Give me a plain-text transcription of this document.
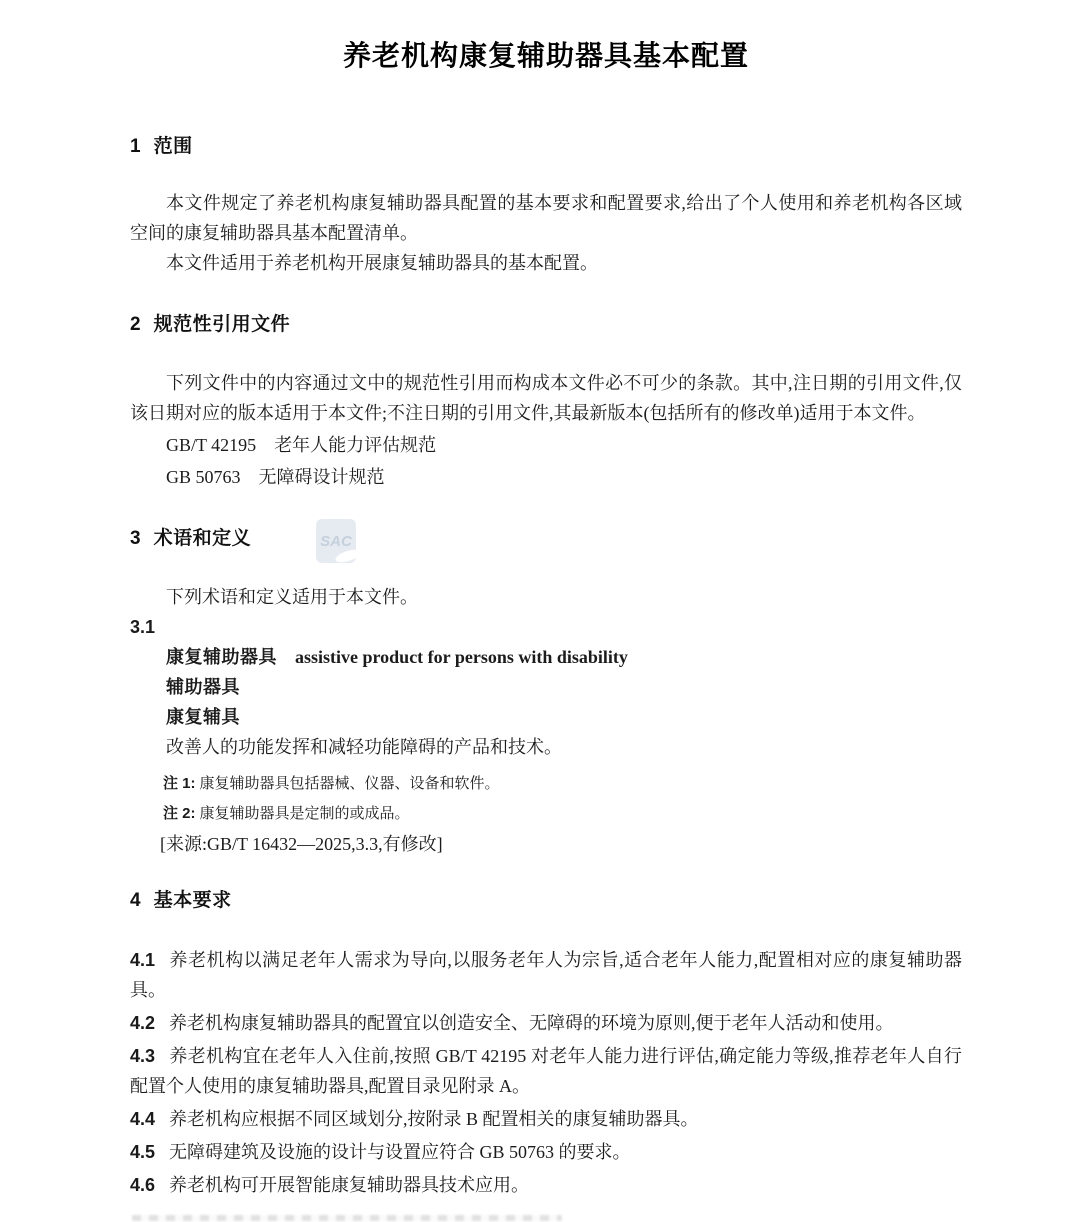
养老机构康复辅助器具基本配置
1 范围

本文件规定了养老机构康复辅助器具配置的基本要求和配置要求,给出了个人使用和养老机构各区域空间的康复辅助器具基本配置清单。

本文件适用于养老机构开展康复辅助器具的基本配置。

2 规范性引用文件

下列文件中的内容通过文中的规范性引用而构成本文件必不可少的条款。其中,注日期的引用文件,仅该日期对应的版本适用于本文件;不注日期的引用文件,其最新版本(包括所有的修改单)适用于本文件。

GB/T 42195　 老年人能力评估规范

GB 50763　 无障碍设计规范

3 术语和定义

下列术语和定义适用于本文件。

3.1

康复辅助器具 assistive product for persons with disability

辅助器具

康复辅具

改善人的功能发挥和减轻功能障碍的产品和技术。

注 1: 康复辅助器具包括器械、仪器、设备和软件。

注 2: 康复辅助器具是定制的或成品。

[来源:GB/T 16432—2025,3.3,有修改]

4 基本要求

4.1 养老机构以满足老年人需求为导向,以服务老年人为宗旨,适合老年人能力,配置相对应的康复辅助器具。

4.2 养老机构康复辅助器具的配置宜以创造安全、无障碍的环境为原则,便于老年人活动和使用。

4.3 养老机构宜在老年人入住前,按照 GB/T 42195 对老年人能力进行评估,确定能力等级,推荐老年人自行配置个人使用的康复辅助器具,配置目录见附录 A。

4.4 养老机构应根据不同区域划分,按附录 B 配置相关的康复辅助器具。

4.5 无障碍建筑及设施的设计与设置应符合 GB 50763 的要求。

4.6 养老机构可开展智能康复辅助器具技术应用。

SAC
